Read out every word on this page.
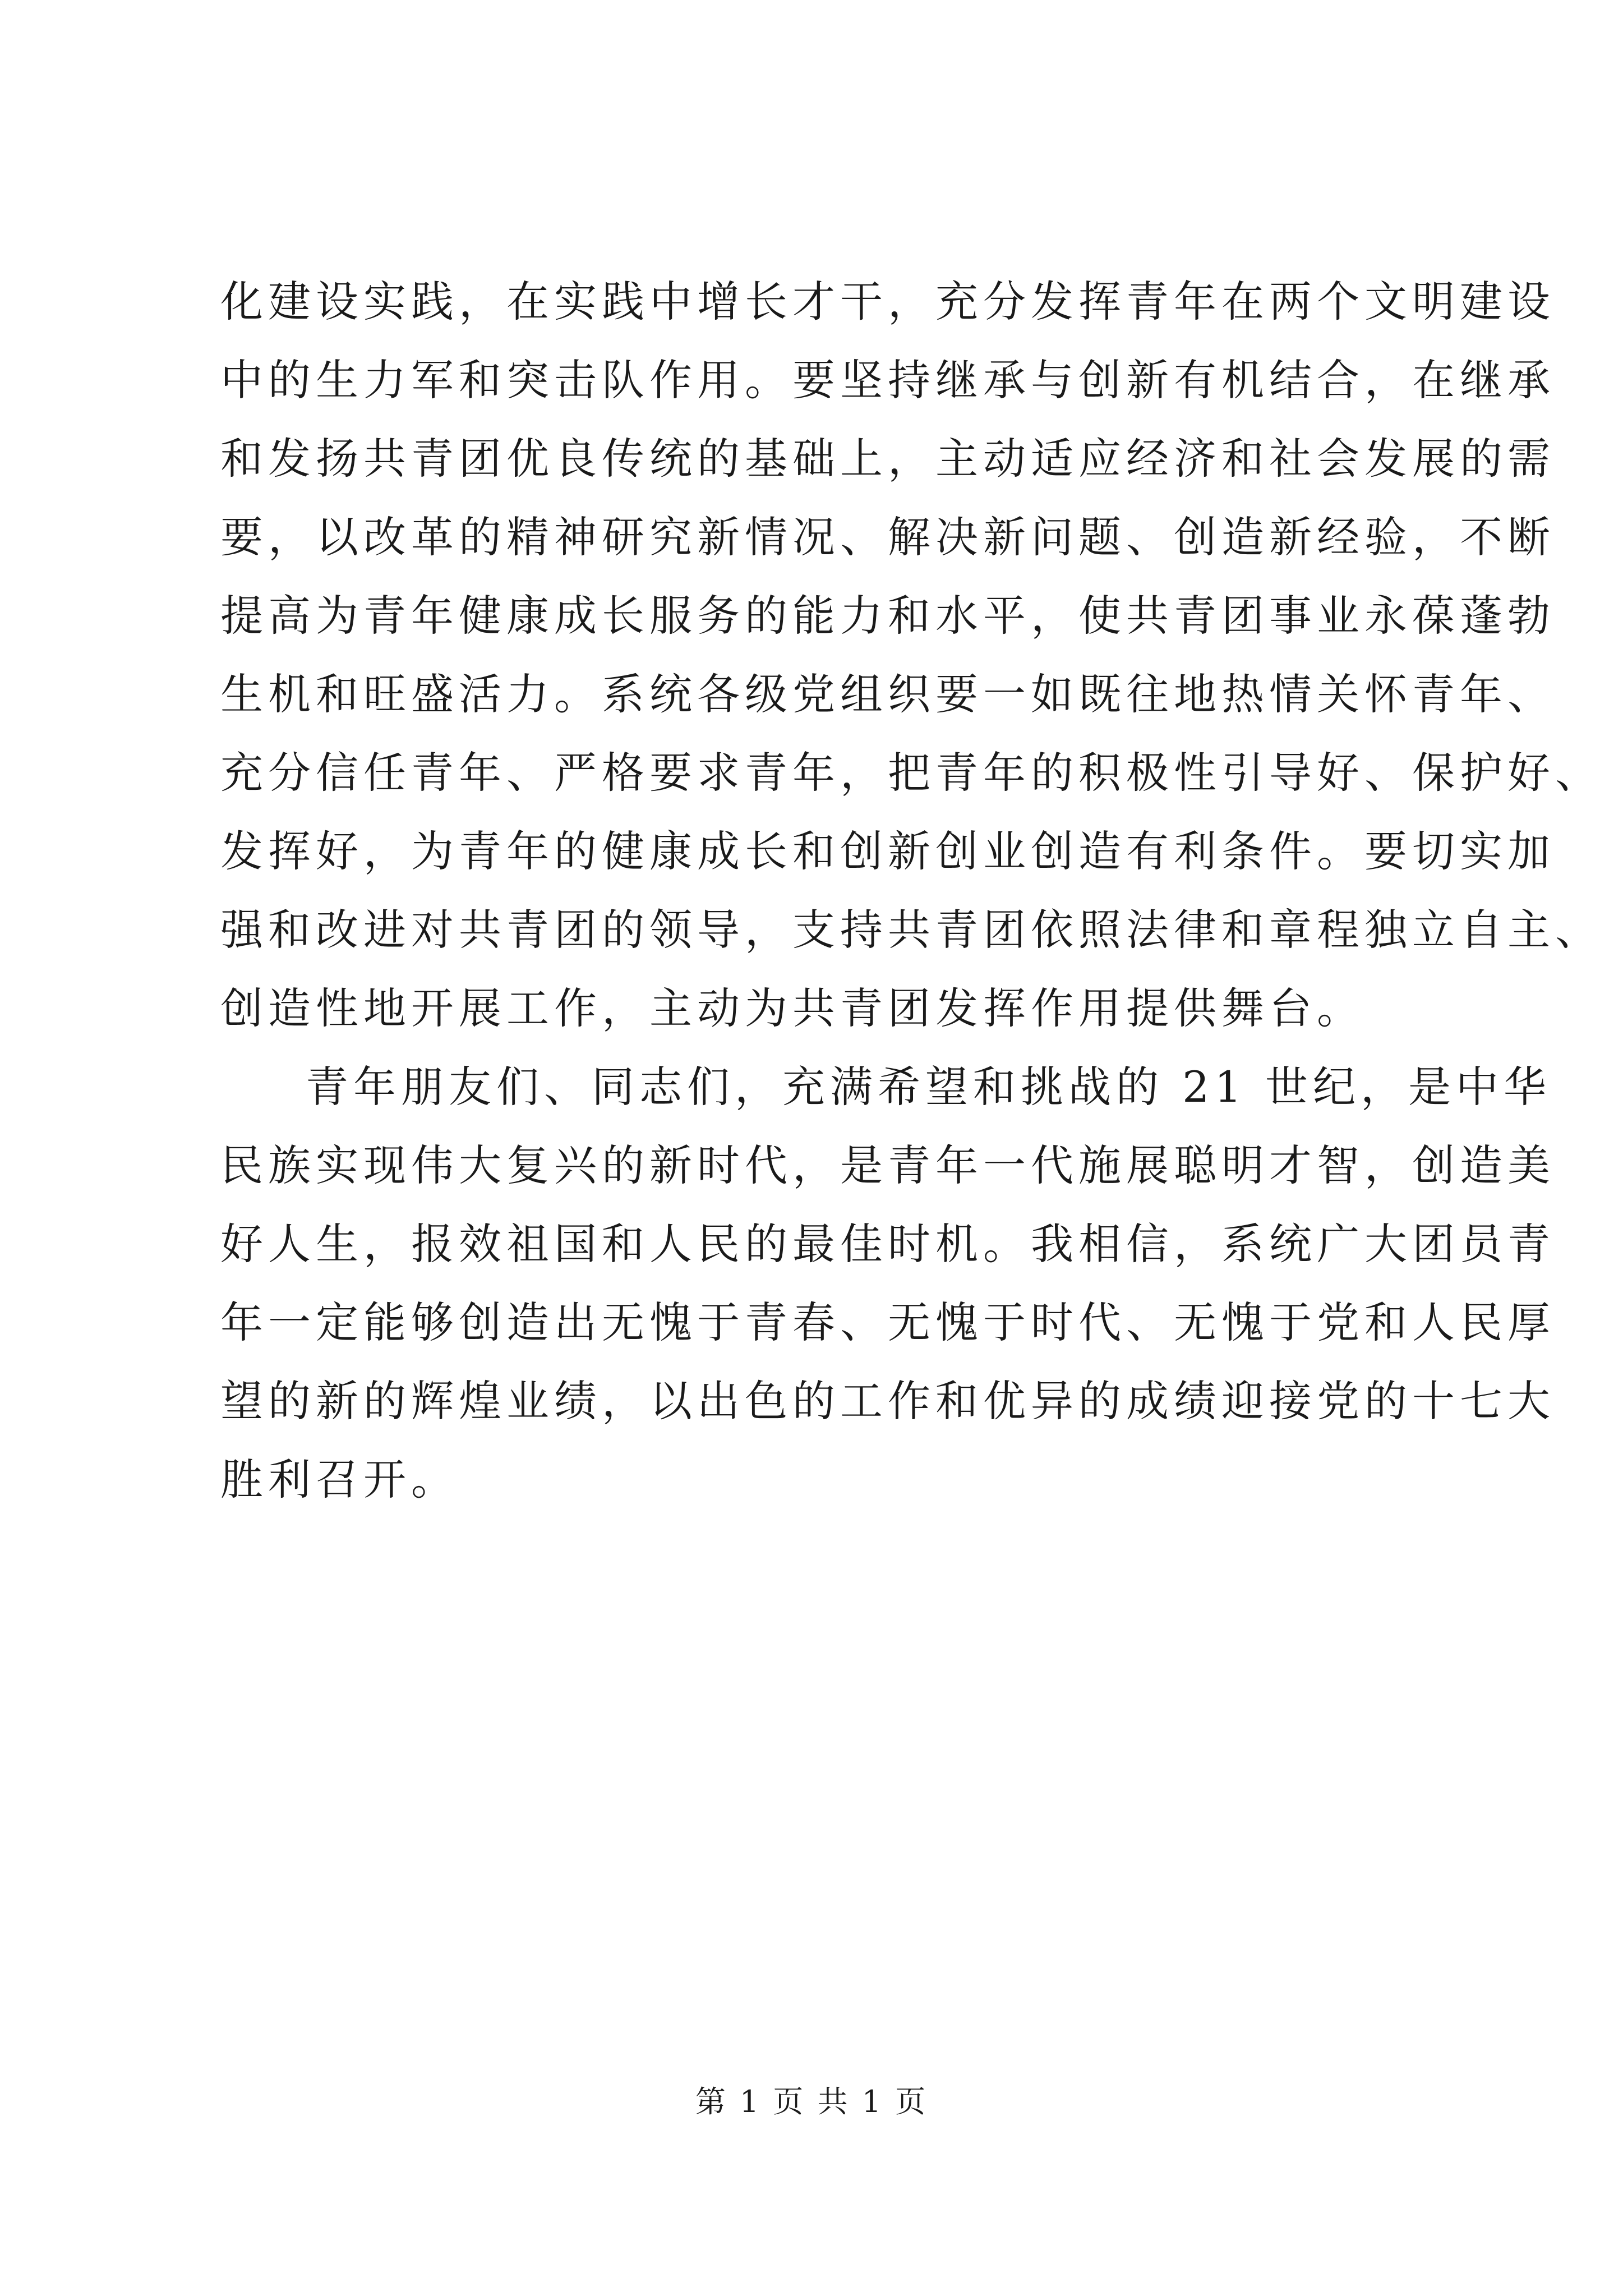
化建设实践，在实践中增长才干，充分发挥青年在两个文明建设
中的生力军和突击队作用。要坚持继承与创新有机结合，在继承
和发扬共青团优良传统的基础上，主动适应经济和社会发展的需
要，以改革的精神研究新情况、解决新问题、创造新经验，不断
提高为青年健康成长服务的能力和水平，使共青团事业永葆蓬勃
生机和旺盛活力。系统各级党组织要一如既往地热情关怀青年、
充分信任青年、严格要求青年，把青年的积极性引导好、保护好、
发挥好，为青年的健康成长和创新创业创造有利条件。要切实加
强和改进对共青团的领导，支持共青团依照法律和章程独立自主、
创造性地开展工作，主动为共青团发挥作用提供舞台。
青年朋友们、同志们，充满希望和挑战的 21 世纪，是中华
民族实现伟大复兴的新时代，是青年一代施展聪明才智，创造美
好人生，报效祖国和人民的最佳时机。我相信，系统广大团员青
年一定能够创造出无愧于青春、无愧于时代、无愧于党和人民厚
望的新的辉煌业绩，以出色的工作和优异的成绩迎接党的十七大
胜利召开。
第 1 页 共 1 页
